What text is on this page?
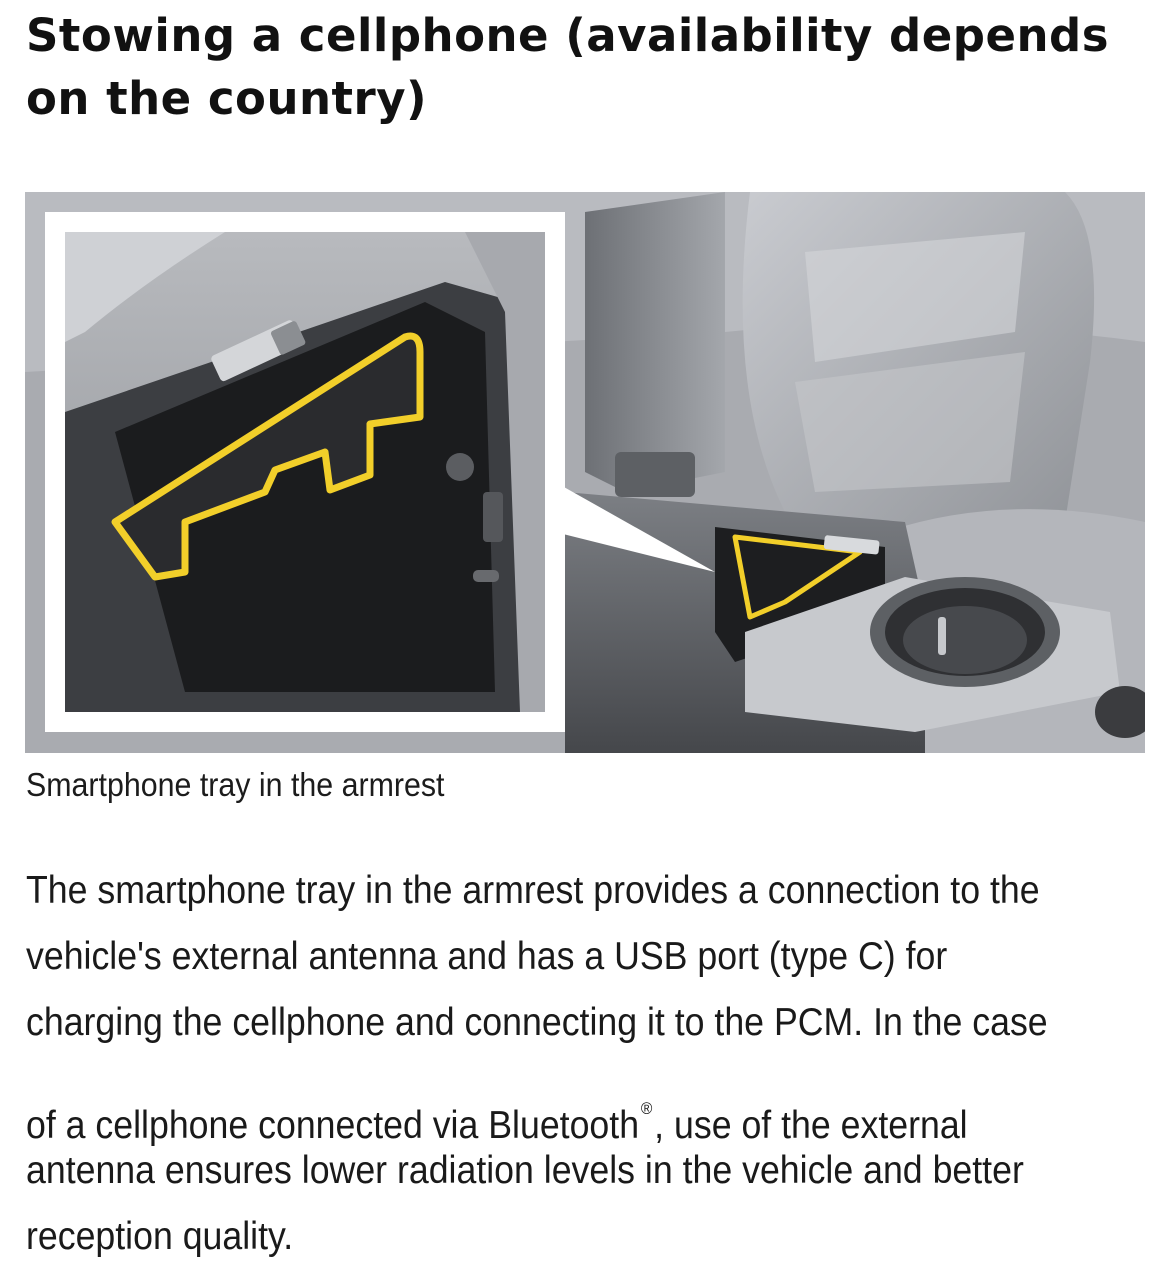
Stowing a cellphone (availability depends on the country)

Smartphone tray in the armrest

The smartphone tray in the armrest provides a connection to the
vehicle's external antenna and has a USB port (type C) for
charging the cellphone and connecting it to the PCM. In the case
of a cellphone connected via Bluetooth ®, use of the external
antenna ensures lower radiation levels in the vehicle and better
reception quality.
